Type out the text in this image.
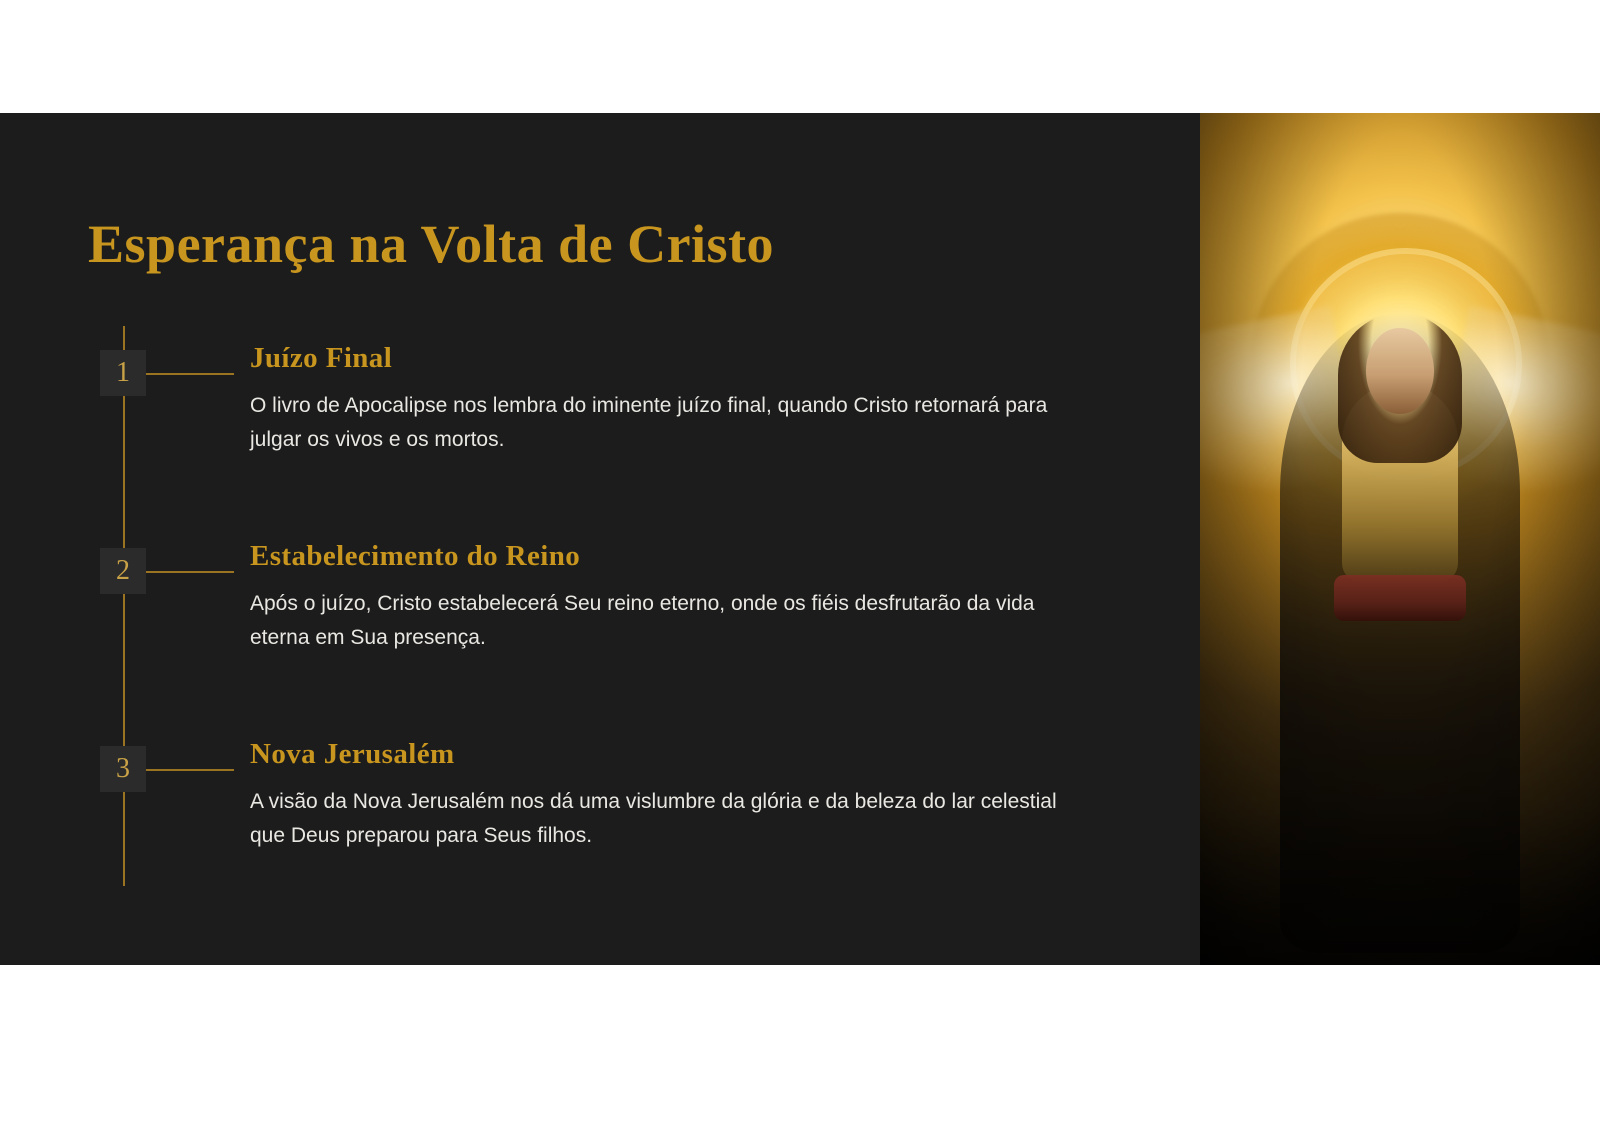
Esperança na Volta de Cristo
1	Juízo Final

O livro de Apocalipse nos lembra do iminente juízo final, quando Cristo retornará para julgar os vivos e os mortos.

2	Estabelecimento do Reino

Após o juízo, Cristo estabelecerá Seu reino eterno, onde os fiéis desfrutarão da vida eterna em Sua presença.

3	Nova Jerusalém

A visão da Nova Jerusalém nos dá uma vislumbre da glória e da beleza do lar celestial que Deus preparou para Seus filhos.
